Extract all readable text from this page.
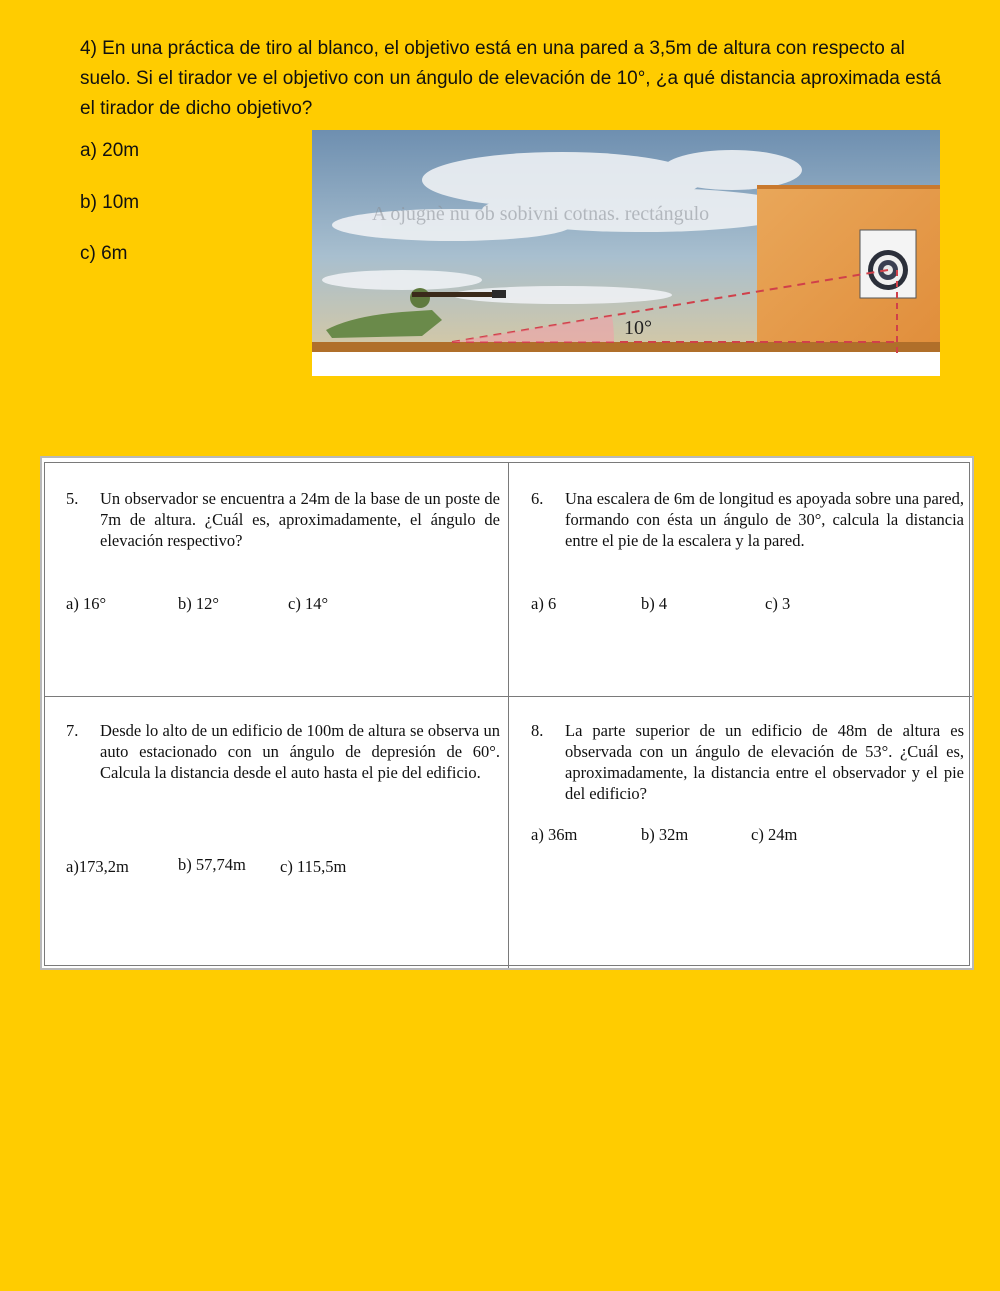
4) En una práctica de tiro al blanco, el objetivo está en una pared a 3,5m de altura con respecto al suelo. Si el tirador ve el objetivo con un ángulo de elevación de 10°, ¿a qué distancia aproximada está el tirador de dicho objetivo?
a) 20m
b) 10m
c) 6m
A ojugnè nu ob sobivni cotnas. rectángulo
10°
5. Un observador se encuentra a 24m de la base de un poste de 7m de altura. ¿Cuál es, aproximadamente, el ángulo de elevación respectivo?
a) 16°	b) 12°	c) 14°
6. Una escalera de 6m de longitud es apoyada sobre una pared, formando con ésta un ángulo de 30°, calcula la distancia entre el pie de la escalera y la pared.
a) 6	b) 4	c) 3
7. Desde lo alto de un edificio de 100m de altura se observa un auto estacionado con un ángulo de depresión de 60°. Calcula la distancia desde el auto hasta el pie del edificio.
a)173,2m	b) 57,74m c) 115,5m
8. La parte superior de un edificio de 48m de altura es observada con un ángulo de elevación de 53°. ¿Cuál es, aproximadamente, la distancia entre el observador y el pie del edificio?
a) 36m	b) 32m	c) 24m
